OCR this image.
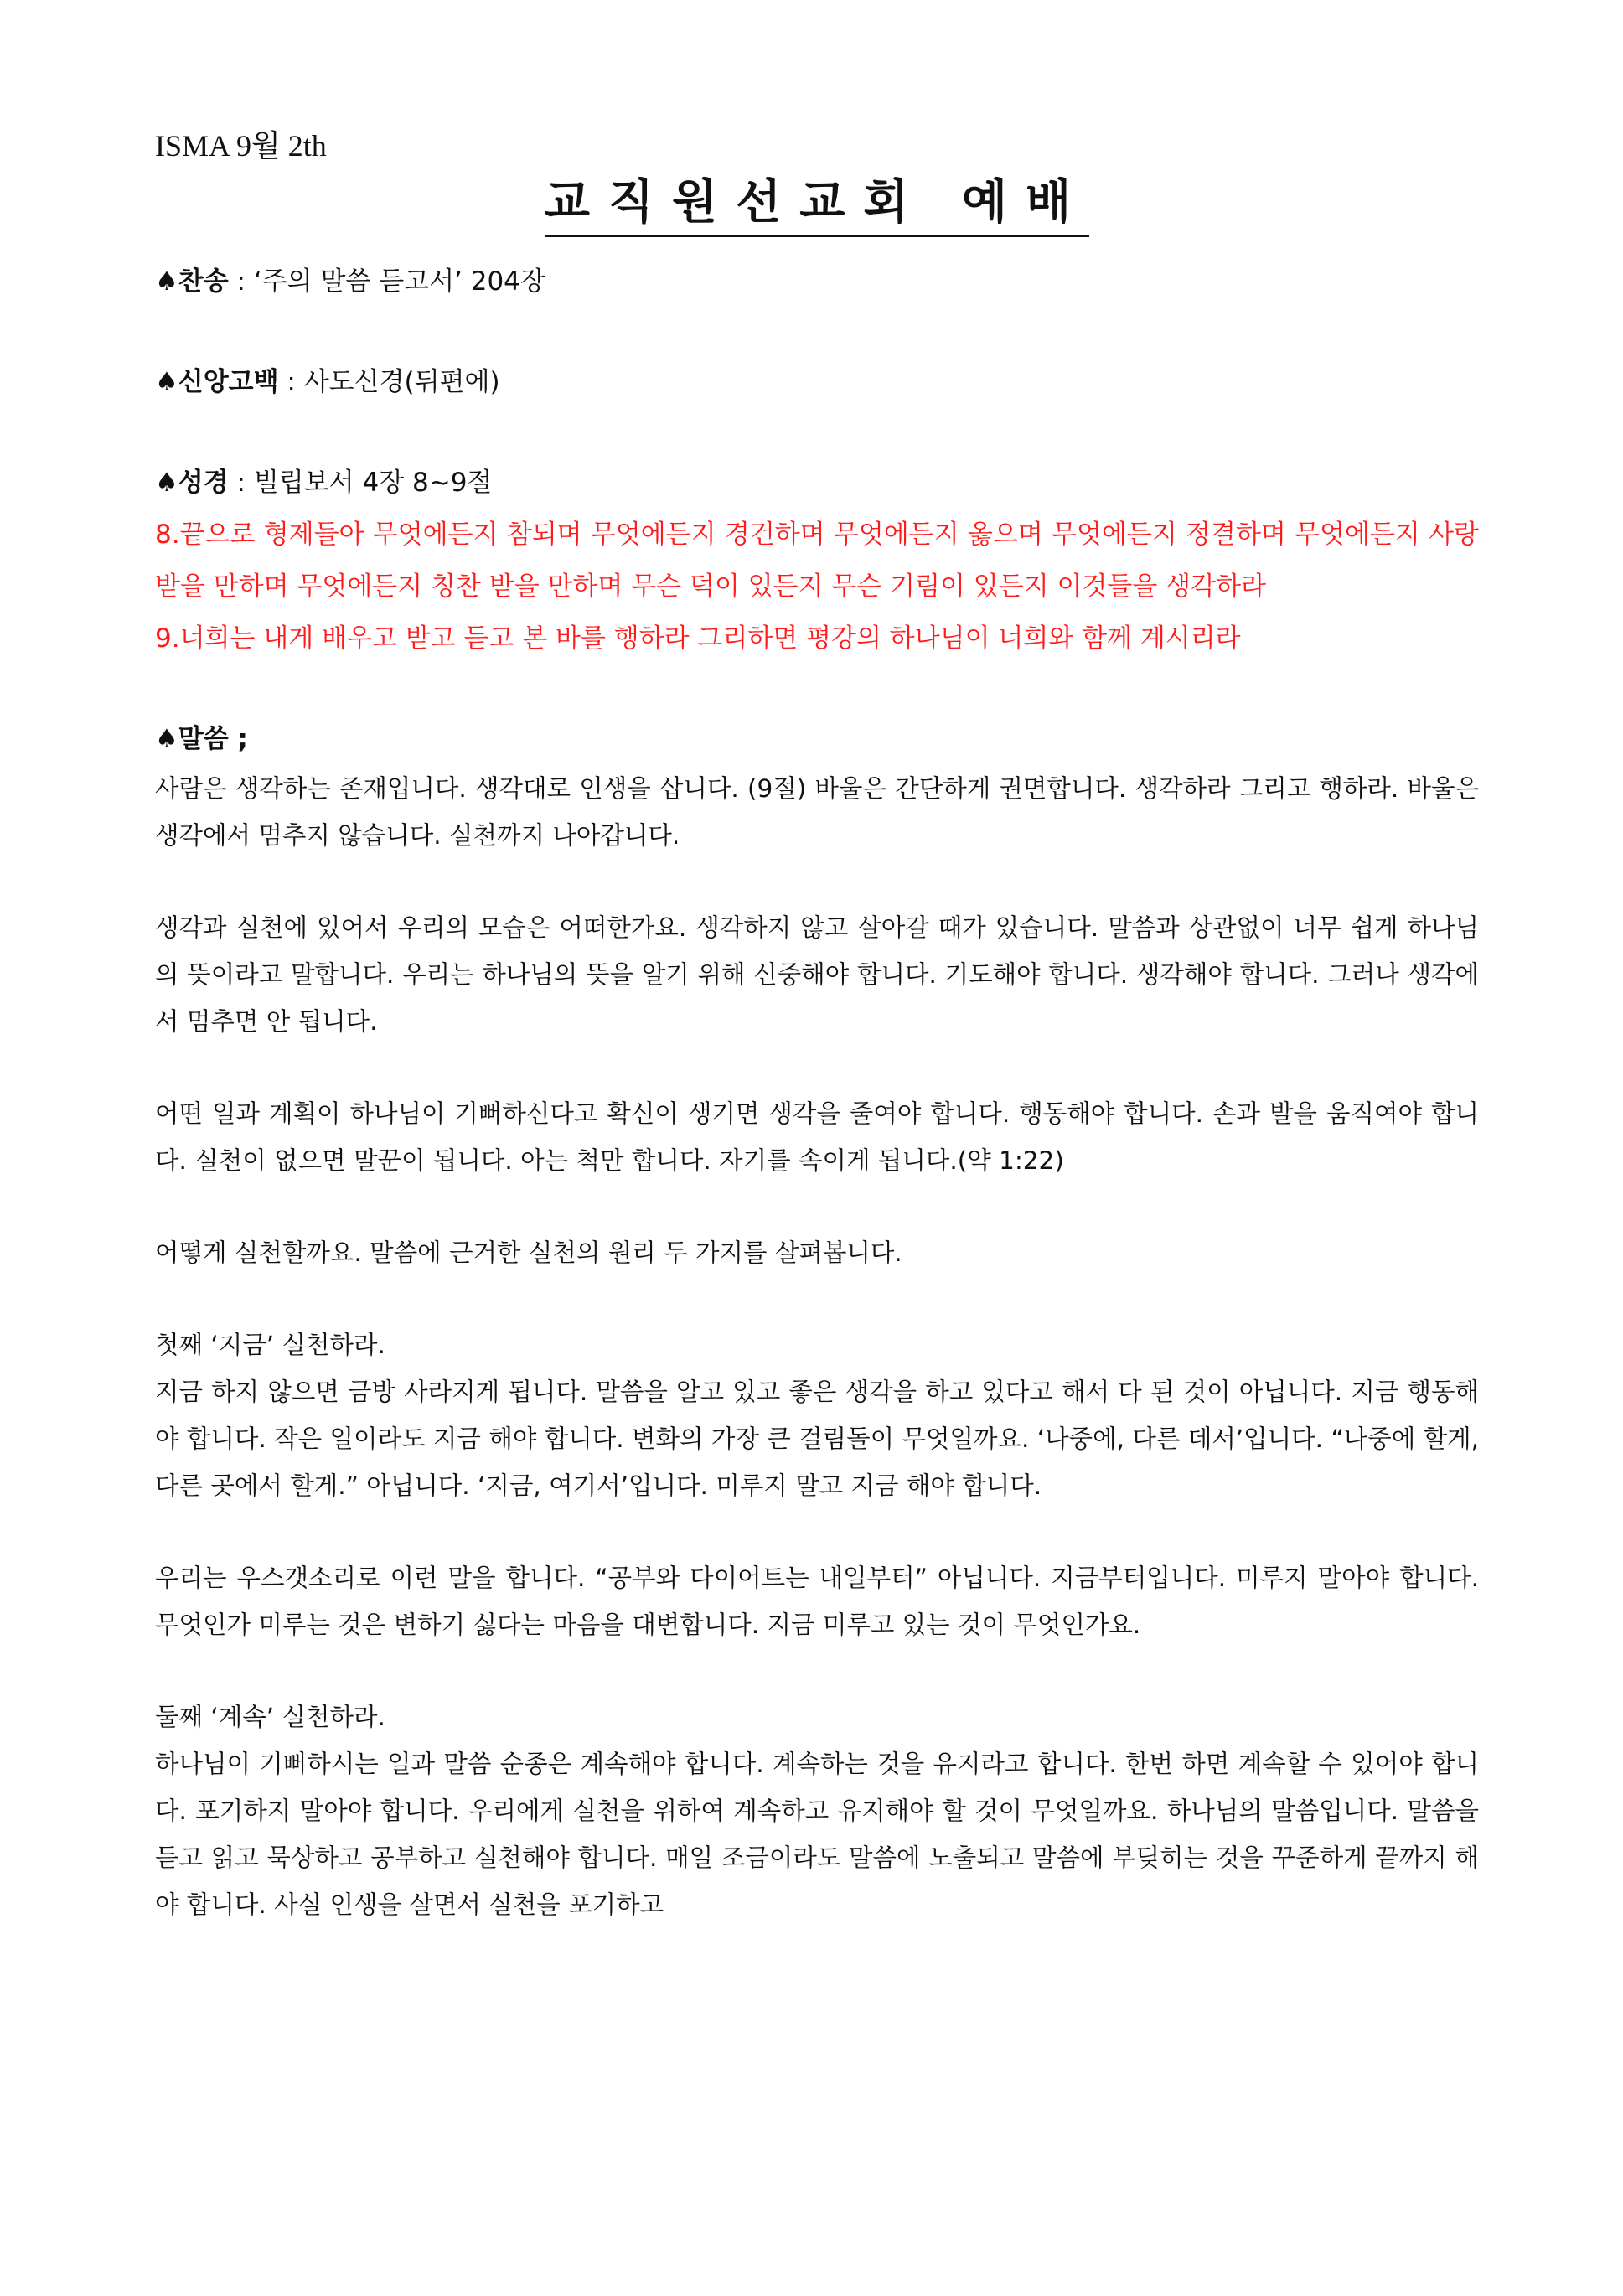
ISMA 9월 2th
교직원선교회 예배
♠찬송 : ‘주의 말씀 듣고서’ 204장
♠신앙고백 : 사도신경(뒤편에)
♠성경 : 빌립보서 4장 8~9절
8.끝으로 형제들아 무엇에든지 참되며 무엇에든지 경건하며 무엇에든지 옳으며 무엇에든지 정결하며 무엇에든지 사랑 받을 만하며 무엇에든지 칭찬 받을 만하며 무슨 덕이 있든지 무슨 기림이 있든지 이것들을 생각하라
9.너희는 내게 배우고 받고 듣고 본 바를 행하라 그리하면 평강의 하나님이 너희와 함께 계시리라
♠말씀 ;

사람은 생각하는 존재입니다. 생각대로 인생을 삽니다. (9절) 바울은 간단하게 권면합니다. 생각하라 그리고 행하라. 바울은 생각에서 멈추지 않습니다. 실천까지 나아갑니다.

생각과 실천에 있어서 우리의 모습은 어떠한가요. 생각하지 않고 살아갈 때가 있습니다. 말씀과 상관없이 너무 쉽게 하나님의 뜻이라고 말합니다. 우리는 하나님의 뜻을 알기 위해 신중해야 합니다. 기도해야 합니다. 생각해야 합니다. 그러나 생각에서 멈추면 안 됩니다.

어떤 일과 계획이 하나님이 기뻐하신다고 확신이 생기면 생각을 줄여야 합니다. 행동해야 합니다. 손과 발을 움직여야 합니다. 실천이 없으면 말꾼이 됩니다. 아는 척만 합니다. 자기를 속이게 됩니다.(약 1:22)

어떻게 실천할까요. 말씀에 근거한 실천의 원리 두 가지를 살펴봅니다.

첫째 ‘지금’ 실천하라.

지금 하지 않으면 금방 사라지게 됩니다. 말씀을 알고 있고 좋은 생각을 하고 있다고 해서 다 된 것이 아닙니다. 지금 행동해야 합니다. 작은 일이라도 지금 해야 합니다. 변화의 가장 큰 걸림돌이 무엇일까요. ‘나중에, 다른 데서’입니다. “나중에 할게, 다른 곳에서 할게.” 아닙니다. ‘지금, 여기서’입니다. 미루지 말고 지금 해야 합니다.

우리는 우스갯소리로 이런 말을 합니다. “공부와 다이어트는 내일부터” 아닙니다. 지금부터입니다. 미루지 말아야 합니다. 무엇인가 미루는 것은 변하기 싫다는 마음을 대변합니다. 지금 미루고 있는 것이 무엇인가요.

둘째 ‘계속’ 실천하라.

하나님이 기뻐하시는 일과 말씀 순종은 계속해야 합니다. 계속하는 것을 유지라고 합니다. 한번 하면 계속할 수 있어야 합니다. 포기하지 말아야 합니다. 우리에게 실천을 위하여 계속하고 유지해야 할 것이 무엇일까요. 하나님의 말씀입니다. 말씀을 듣고 읽고 묵상하고 공부하고 실천해야 합니다. 매일 조금이라도 말씀에 노출되고 말씀에 부딪히는 것을 꾸준하게 끝까지 해야 합니다. 사실 인생을 살면서 실천을 포기하고
